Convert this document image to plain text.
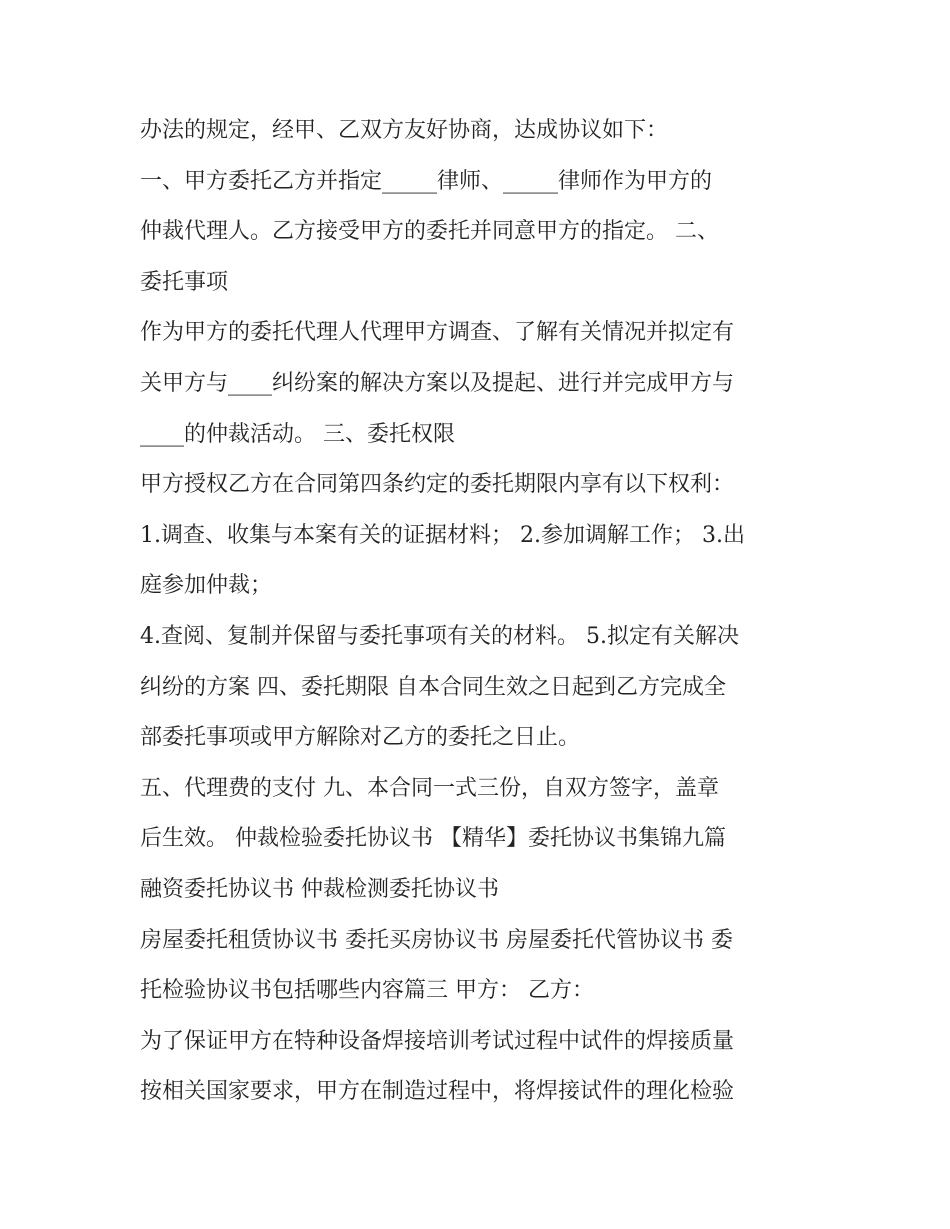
办法的规定，经甲、乙双方友好协商，达成协议如下：
一、甲方委托乙方并指定_____律师、_____律师作为甲方的
仲裁代理人。乙方接受甲方的委托并同意甲方的指定。 二、
委托事项
作为甲方的委托代理人代理甲方调查、了解有关情况并拟定有
关甲方与____纠纷案的解决方案以及提起、进行并完成甲方与
____的仲裁活动。 三、委托权限
甲方授权乙方在合同第四条约定的委托期限内享有以下权利：
1.调查、收集与本案有关的证据材料； 2.参加调解工作； 3.出
庭参加仲裁；
4.查阅、复制并保留与委托事项有关的材料。 5.拟定有关解决
纠纷的方案 四、委托期限 自本合同生效之日起到乙方完成全
部委托事项或甲方解除对乙方的委托之日止。
五、代理费的支付 九、本合同一式三份，自双方签字，盖章
后生效。 仲裁检验委托协议书 【精华】委托协议书集锦九篇
融资委托协议书 仲裁检测委托协议书
房屋委托租赁协议书 委托买房协议书 房屋委托代管协议书 委
托检验协议书包括哪些内容篇三 甲方： 乙方：
为了保证甲方在特种设备焊接培训考试过程中试件的焊接质量
按相关国家要求，甲方在制造过程中，将焊接试件的理化检验
